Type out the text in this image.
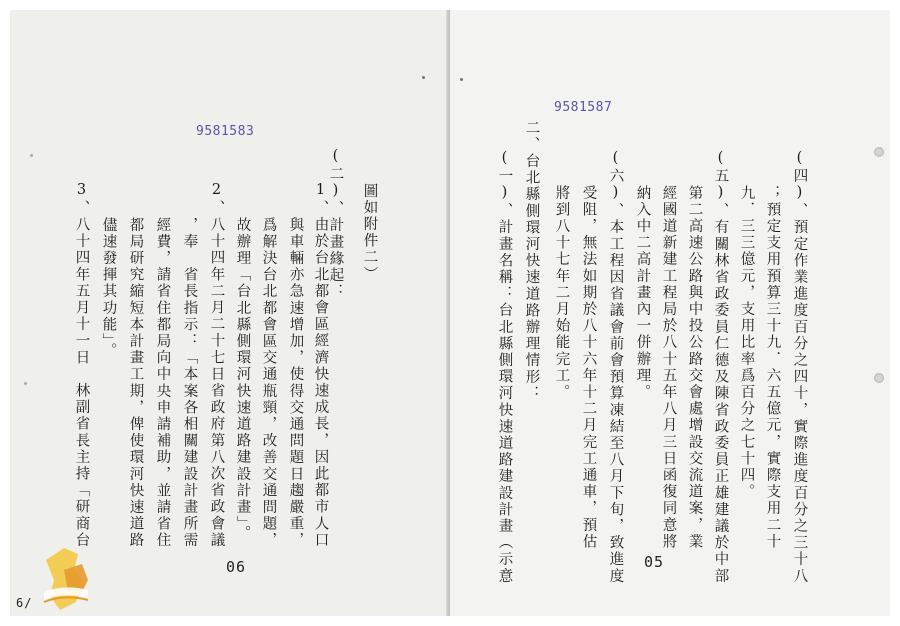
9581583
(二)、計畫緣起： 圖如附件二）
1、由於台北都會區經濟快速成長，因此都市人口
與車輛亦急速增加，使得交通問題日趨嚴重，
爲解決台北都會區交通瓶頸，改善交通問題，
故辦理「台北縣側環河快速道路建設計畫」。
2、八十四年二月二十七日省政府第八次省政會議
，奉　省長指示：「本案各相關建設計畫所需
經費，請省住都局向中央申請補助，並請省住
都局研究縮短本計畫工期，俾使環河快速道路
儘速發揮其功能」。
3、八十四年五月十一日　林副省長主持「研商台
06
6/
9581587
(四)、預定作業進度百分之四十，實際進度百分之三十八
；預定支用預算三十九．六五億元，實際支用二十
九．三三億元，支用比率爲百分之七十四。
(五)、有關林省政委員仁德及陳省政委員正雄建議於中部
第二高速公路與中投公路交會處增設交流道案，業
經國道新建工程局於八十五年八月三日函復同意將
納入中二高計畫內一併辦理。
(六)、本工程因省議會前會預算凍結至八月下旬，致進度
受阻，無法如期於八十六年十二月完工通車，預估
將到八十七年二月始能完工。
二、台北縣側環河快速道路辦理情形：
(一)、計畫名稱：台北縣側環河快速道路建設計畫（示意	05
